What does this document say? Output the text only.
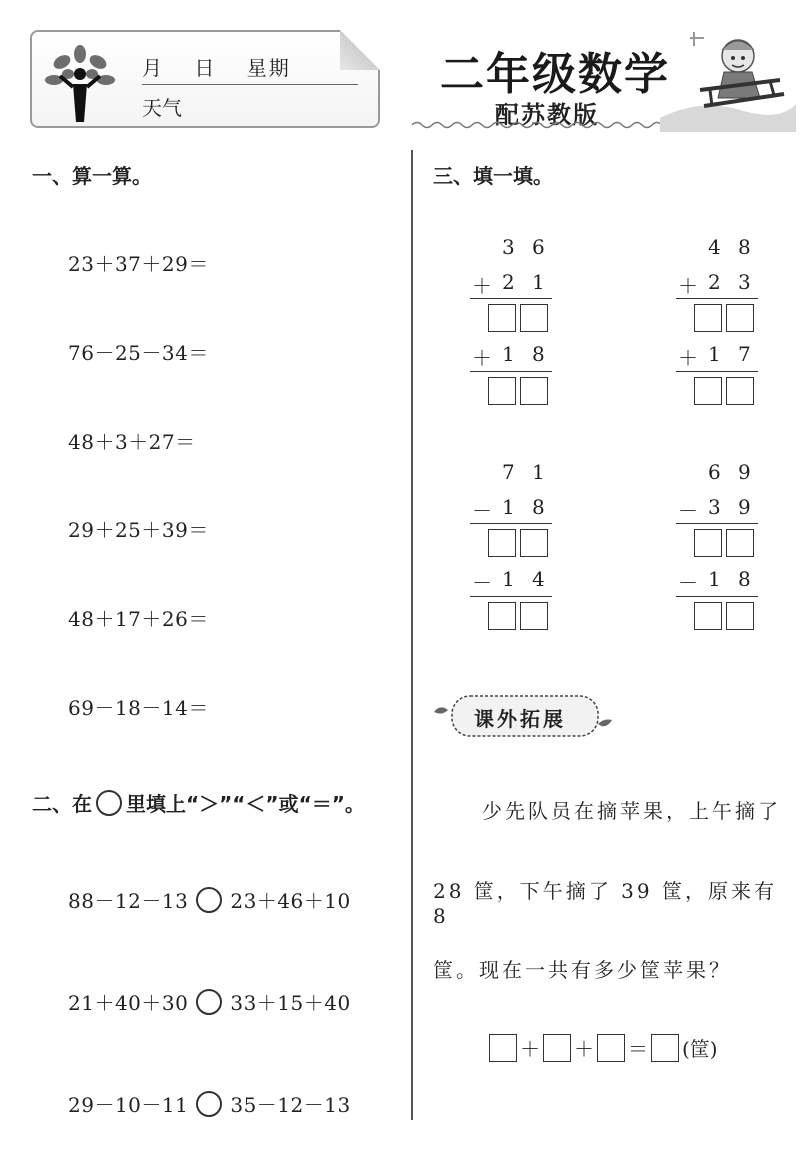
月 日 星期
天气
二年级数学
配苏教版
一、算一算。
23＋37＋29＝
76－25－34＝
48＋3＋27＝
29＋25＋39＝
48＋17＋26＝
69－18－14＝
二、在 里填上“＞”“＜”或“＝”。
88－12－13 23＋46＋10
21＋40＋30 33＋15＋40
29－10－11 35－12－13
三、填一填。
3 6
＋ 2 1
＋ 1 8
4 8
＋ 2 3
＋ 1 7
7 1
－ 1 8
－ 1 4
6 9
－ 3 9
－ 1 8
课外拓展
少先队员在摘苹果，上午摘了
28 筐，下午摘了 39 筐，原来有 8
筐。现在一共有多少筐苹果？
＋ ＋ ＝ (筐)
